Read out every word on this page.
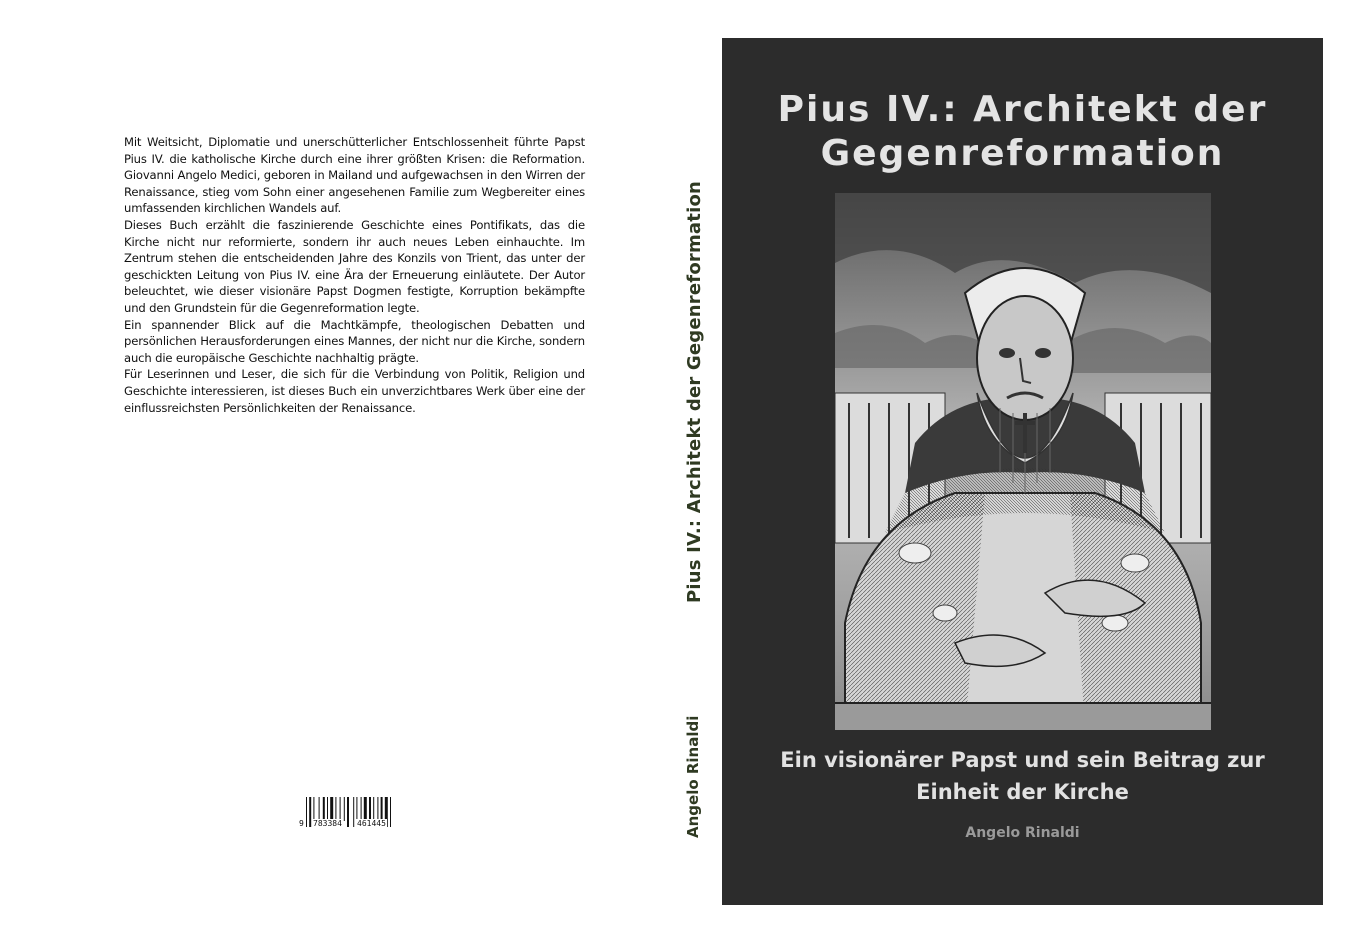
Mit Weitsicht, Diplomatie und unerschütterlicher Entschlossenheit führte Papst Pius IV. die katholische Kirche durch eine ihrer größten Krisen: die Reformation. Giovanni Angelo Medici, geboren in Mailand und aufgewachsen in den Wirren der Renaissance, stieg vom Sohn einer angesehenen Familie zum Wegbereiter eines umfassenden kirchlichen Wandels auf.

Dieses Buch erzählt die faszinierende Geschichte eines Pontifikats, das die Kirche nicht nur reformierte, sondern ihr auch neues Leben einhauchte. Im Zentrum stehen die entscheidenden Jahre des Konzils von Trient, das unter der geschickten Leitung von Pius IV. eine Ära der Erneuerung einläutete. Der Autor beleuchtet, wie dieser visionäre Papst Dogmen festigte, Korruption bekämpfte und den Grundstein für die Gegenreformation legte.

Ein spannender Blick auf die Machtkämpfe, theologischen Debatten und persönlichen Herausforderungen eines Mannes, der nicht nur die Kirche, sondern auch die europäische Geschichte nachhaltig prägte.

Für Leserinnen und Leser, die sich für die Verbindung von Politik, Religion und Geschichte interessieren, ist dieses Buch ein unverzichtbares Werk über eine der einflussreichsten Persönlichkeiten der Renaissance.

9 783384 461445
Pius IV.: Architekt der Gegenreformation
Angelo Rinaldi
Pius IV.: Architekt der
Gegenreformation
Ein visionärer Papst und sein Beitrag zur
Einheit der Kirche
Angelo Rinaldi
